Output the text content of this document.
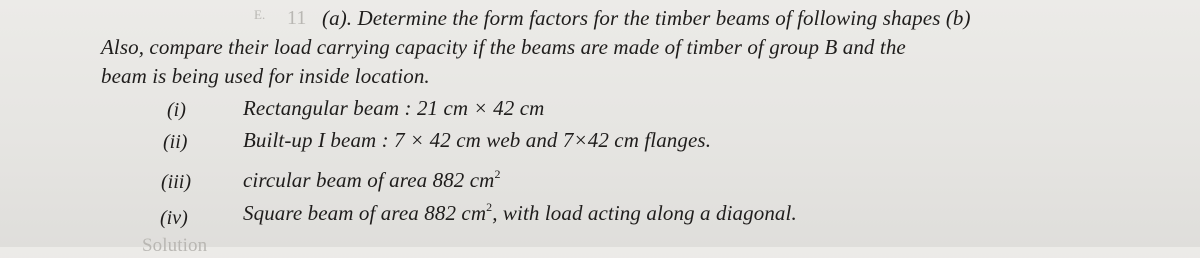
E. 11 (a). Determine the form factors for the timber beams of following shapes (b)
Also, compare their load carrying capacity if the beams are made of timber of group B and the
beam is being used for inside location.
(i)	Rectangular beam : 21 cm × 42 cm
(ii)	Built-up I beam : 7 × 42 cm web and 7×42 cm flanges.
(iii) circular beam of area 882 $cm^2$
(iv)	Square beam of area 882 $cm^2$, with load acting along a diagonal.
Solution
